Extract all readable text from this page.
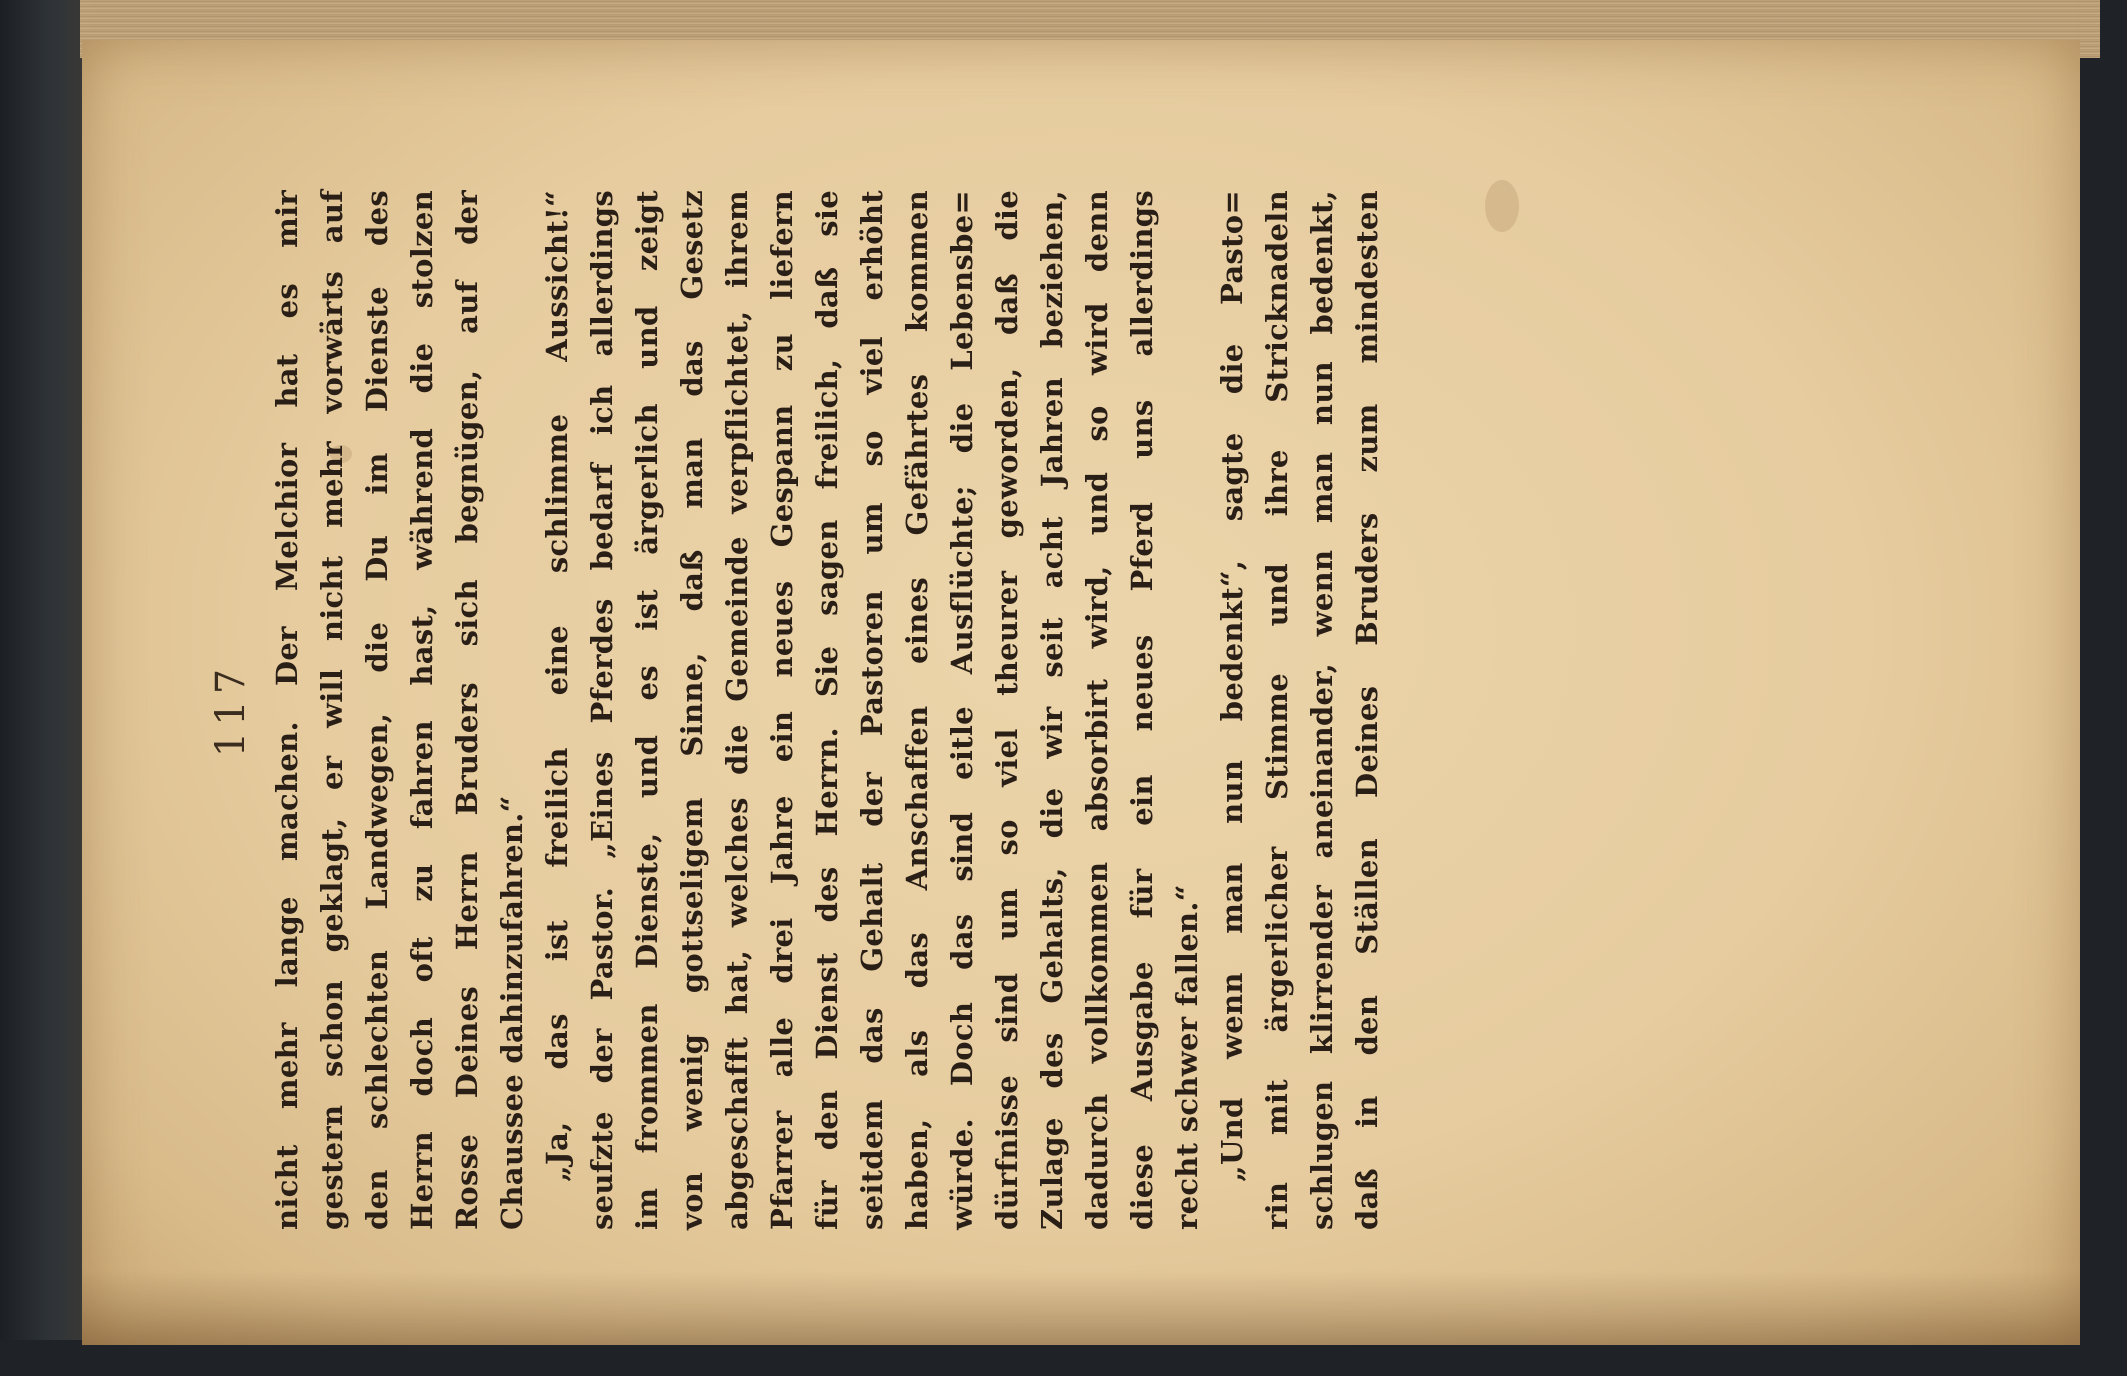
117 nicht mehr lange machen. Der Melchior hat es mir gestern schon geklagt, er will nicht mehr vorwärts auf den schlechten Landwegen, die Du im Dienste des Herrn doch oft zu fahren hast, während die stolzen Rosse Deines Herrn Bruders sich begnügen, auf der Chaussee dahinzufahren.“ „Ja, das ist freilich eine schlimme Aussicht!“ seufzte der Pastor. „Eines Pferdes bedarf ich allerdings im frommen Dienste, und es ist ärgerlich und zeigt von wenig gottseligem Sinne, daß man das Gesetz abgeschafft hat, welches die Gemeinde verpflichtet, ihrem Pfarrer alle drei Jahre ein neues Gespann zu liefern für den Dienst des Herrn. Sie sagen freilich, daß sie seitdem das Gehalt der Pastoren um so viel erhöht haben, als das Anschaffen eines Gefährtes kommen würde. Doch das sind eitle Ausflüchte; die Lebensbe= dürfnisse sind um so viel theurer geworden, daß die Zulage des Gehalts, die wir seit acht Jahren beziehen, dadurch vollkommen absorbirt wird, und so wird denn diese Ausgabe für ein neues Pferd uns allerdings recht schwer fallen.“ „Und wenn man nun bedenkt“, sagte die Pasto= rin mit ärgerlicher Stimme und ihre Stricknadeln schlugen klirrender aneinander, wenn man nun bedenkt, daß in den Ställen Deines Bruders zum mindesten
